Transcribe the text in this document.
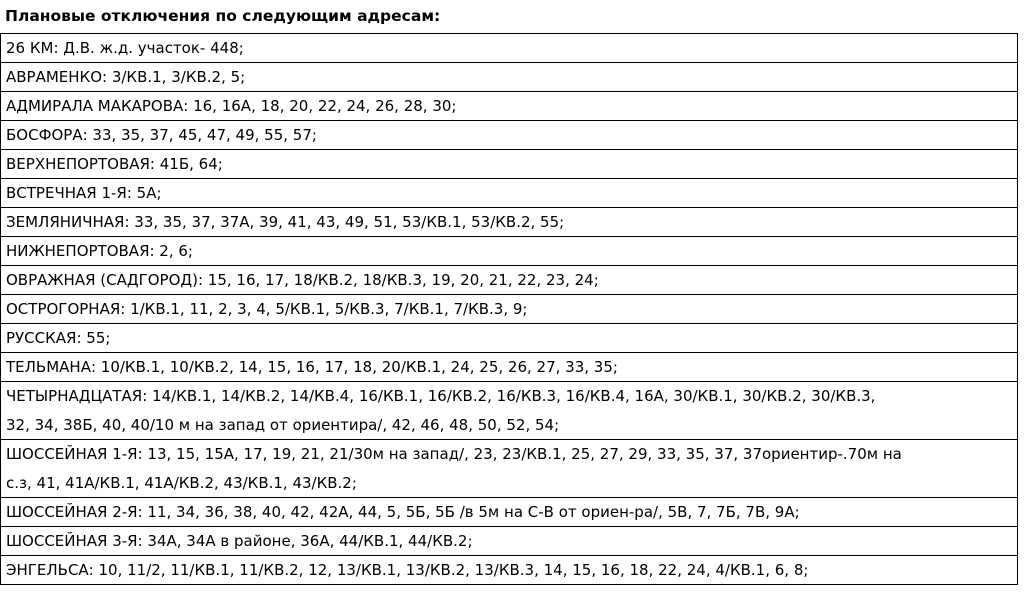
Плановые отключения по следующим адресам:
26 КМ: Д.В. ж.д. участок- 448;
АВРАМЕНКО: 3/КВ.1, 3/КВ.2, 5;
АДМИРАЛА МАКАРОВА: 16, 16А, 18, 20, 22, 24, 26, 28, 30;
БОСФОРА: 33, 35, 37, 45, 47, 49, 55, 57;
ВЕРХНЕПОРТОВАЯ: 41Б, 64;
ВСТРЕЧНАЯ 1-Я: 5А;
ЗЕМЛЯНИЧНАЯ: 33, 35, 37, 37А, 39, 41, 43, 49, 51, 53/КВ.1, 53/КВ.2, 55;
НИЖНЕПОРТОВАЯ: 2, 6;
ОВРАЖНАЯ (САДГОРОД): 15, 16, 17, 18/КВ.2, 18/КВ.3, 19, 20, 21, 22, 23, 24;
ОСТРОГОРНАЯ: 1/КВ.1, 11, 2, 3, 4, 5/КВ.1, 5/КВ.3, 7/КВ.1, 7/КВ.3, 9;
РУССКАЯ: 55;
ТЕЛЬМАНА: 10/КВ.1, 10/КВ.2, 14, 15, 16, 17, 18, 20/КВ.1, 24, 25, 26, 27, 33, 35;
ЧЕТЫРНАДЦАТАЯ: 14/КВ.1, 14/КВ.2, 14/КВ.4, 16/КВ.1, 16/КВ.2, 16/КВ.3, 16/КВ.4, 16А, 30/КВ.1, 30/КВ.2, 30/КВ.3,
32, 34, 38Б, 40, 40/10 м на запад от ориентира/, 42, 46, 48, 50, 52, 54;
ШОССЕЙНАЯ 1-Я: 13, 15, 15А, 17, 19, 21, 21/30м на запад/, 23, 23/КВ.1, 25, 27, 29, 33, 35, 37, 37ориентир-.70м на
с.з, 41, 41А/КВ.1, 41А/КВ.2, 43/КВ.1, 43/КВ.2;
ШОССЕЙНАЯ 2-Я: 11, 34, 36, 38, 40, 42, 42А, 44, 5, 5Б, 5Б /в 5м на С-В от ориен-ра/, 5В, 7, 7Б, 7В, 9А;
ШОССЕЙНАЯ 3-Я: 34А, 34А в районе, 36А, 44/КВ.1, 44/КВ.2;
ЭНГЕЛЬСА: 10, 11/2, 11/КВ.1, 11/КВ.2, 12, 13/КВ.1, 13/КВ.2, 13/КВ.3, 14, 15, 16, 18, 22, 24, 4/КВ.1, 6, 8;
